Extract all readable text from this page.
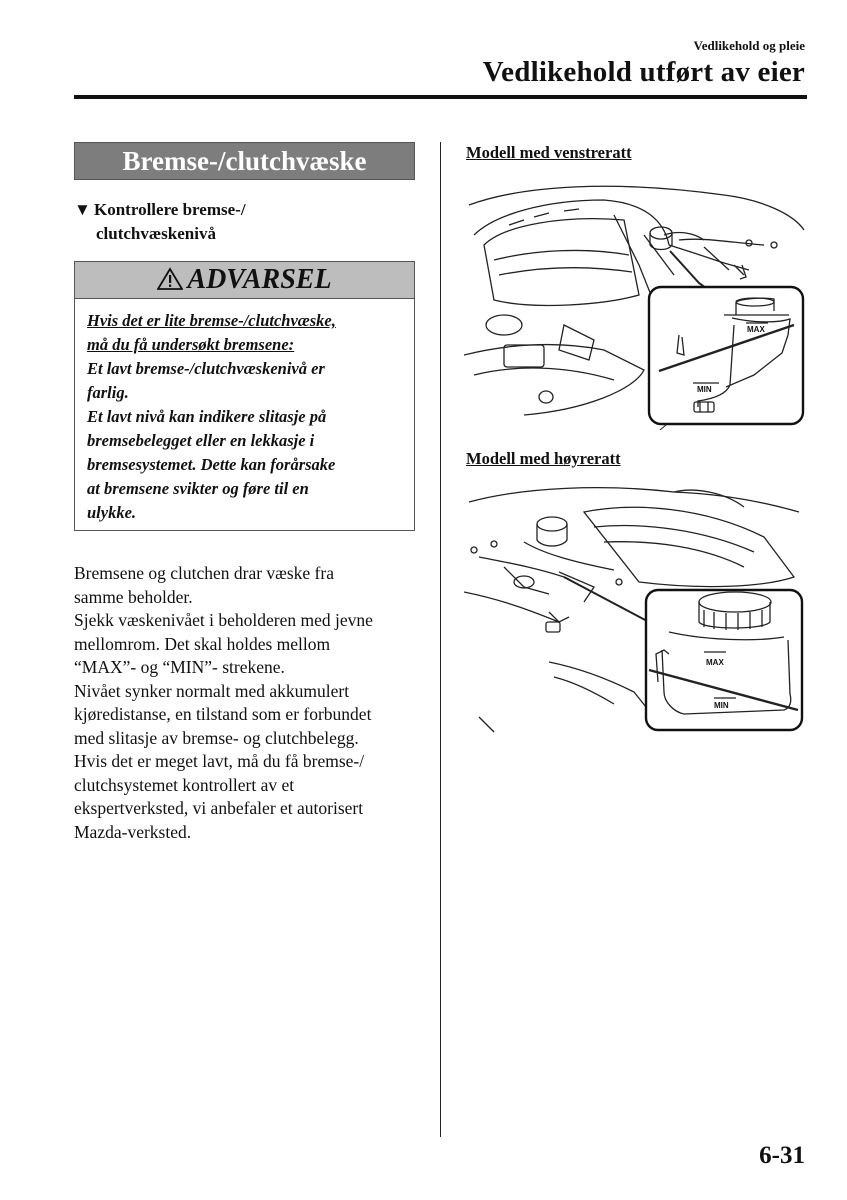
Vedlikehold og pleie
Vedlikehold utført av eier
Bremse-/clutchvæske
▼ Kontrollere bremse-/
clutchvæskenivå
ADVARSEL
Hvis det er lite bremse-/clutchvæske,
må du få undersøkt bremsene:
Et lavt bremse-/clutchvæskenivå er
farlig.
Et lavt nivå kan indikere slitasje på
bremsebelegget eller en lekkasje i
bremsesystemet. Dette kan forårsake
at bremsene svikter og føre til en
ulykke.
Bremsene og clutchen drar væske fra
samme beholder.
Sjekk væskenivået i beholderen med jevne
mellomrom. Det skal holdes mellom
“MAX”- og “MIN”- strekene.
Nivået synker normalt med akkumulert
kjøredistanse, en tilstand som er forbundet
med slitasje av bremse- og clutchbelegg.
Hvis det er meget lavt, må du få bremse-/
clutchsystemet kontrollert av et
ekspertverksted, vi anbefaler et autorisert
Mazda-verksted.
Modell med venstreratt
MAX
MIN
Modell med høyreratt
MAX
MIN
6-31
